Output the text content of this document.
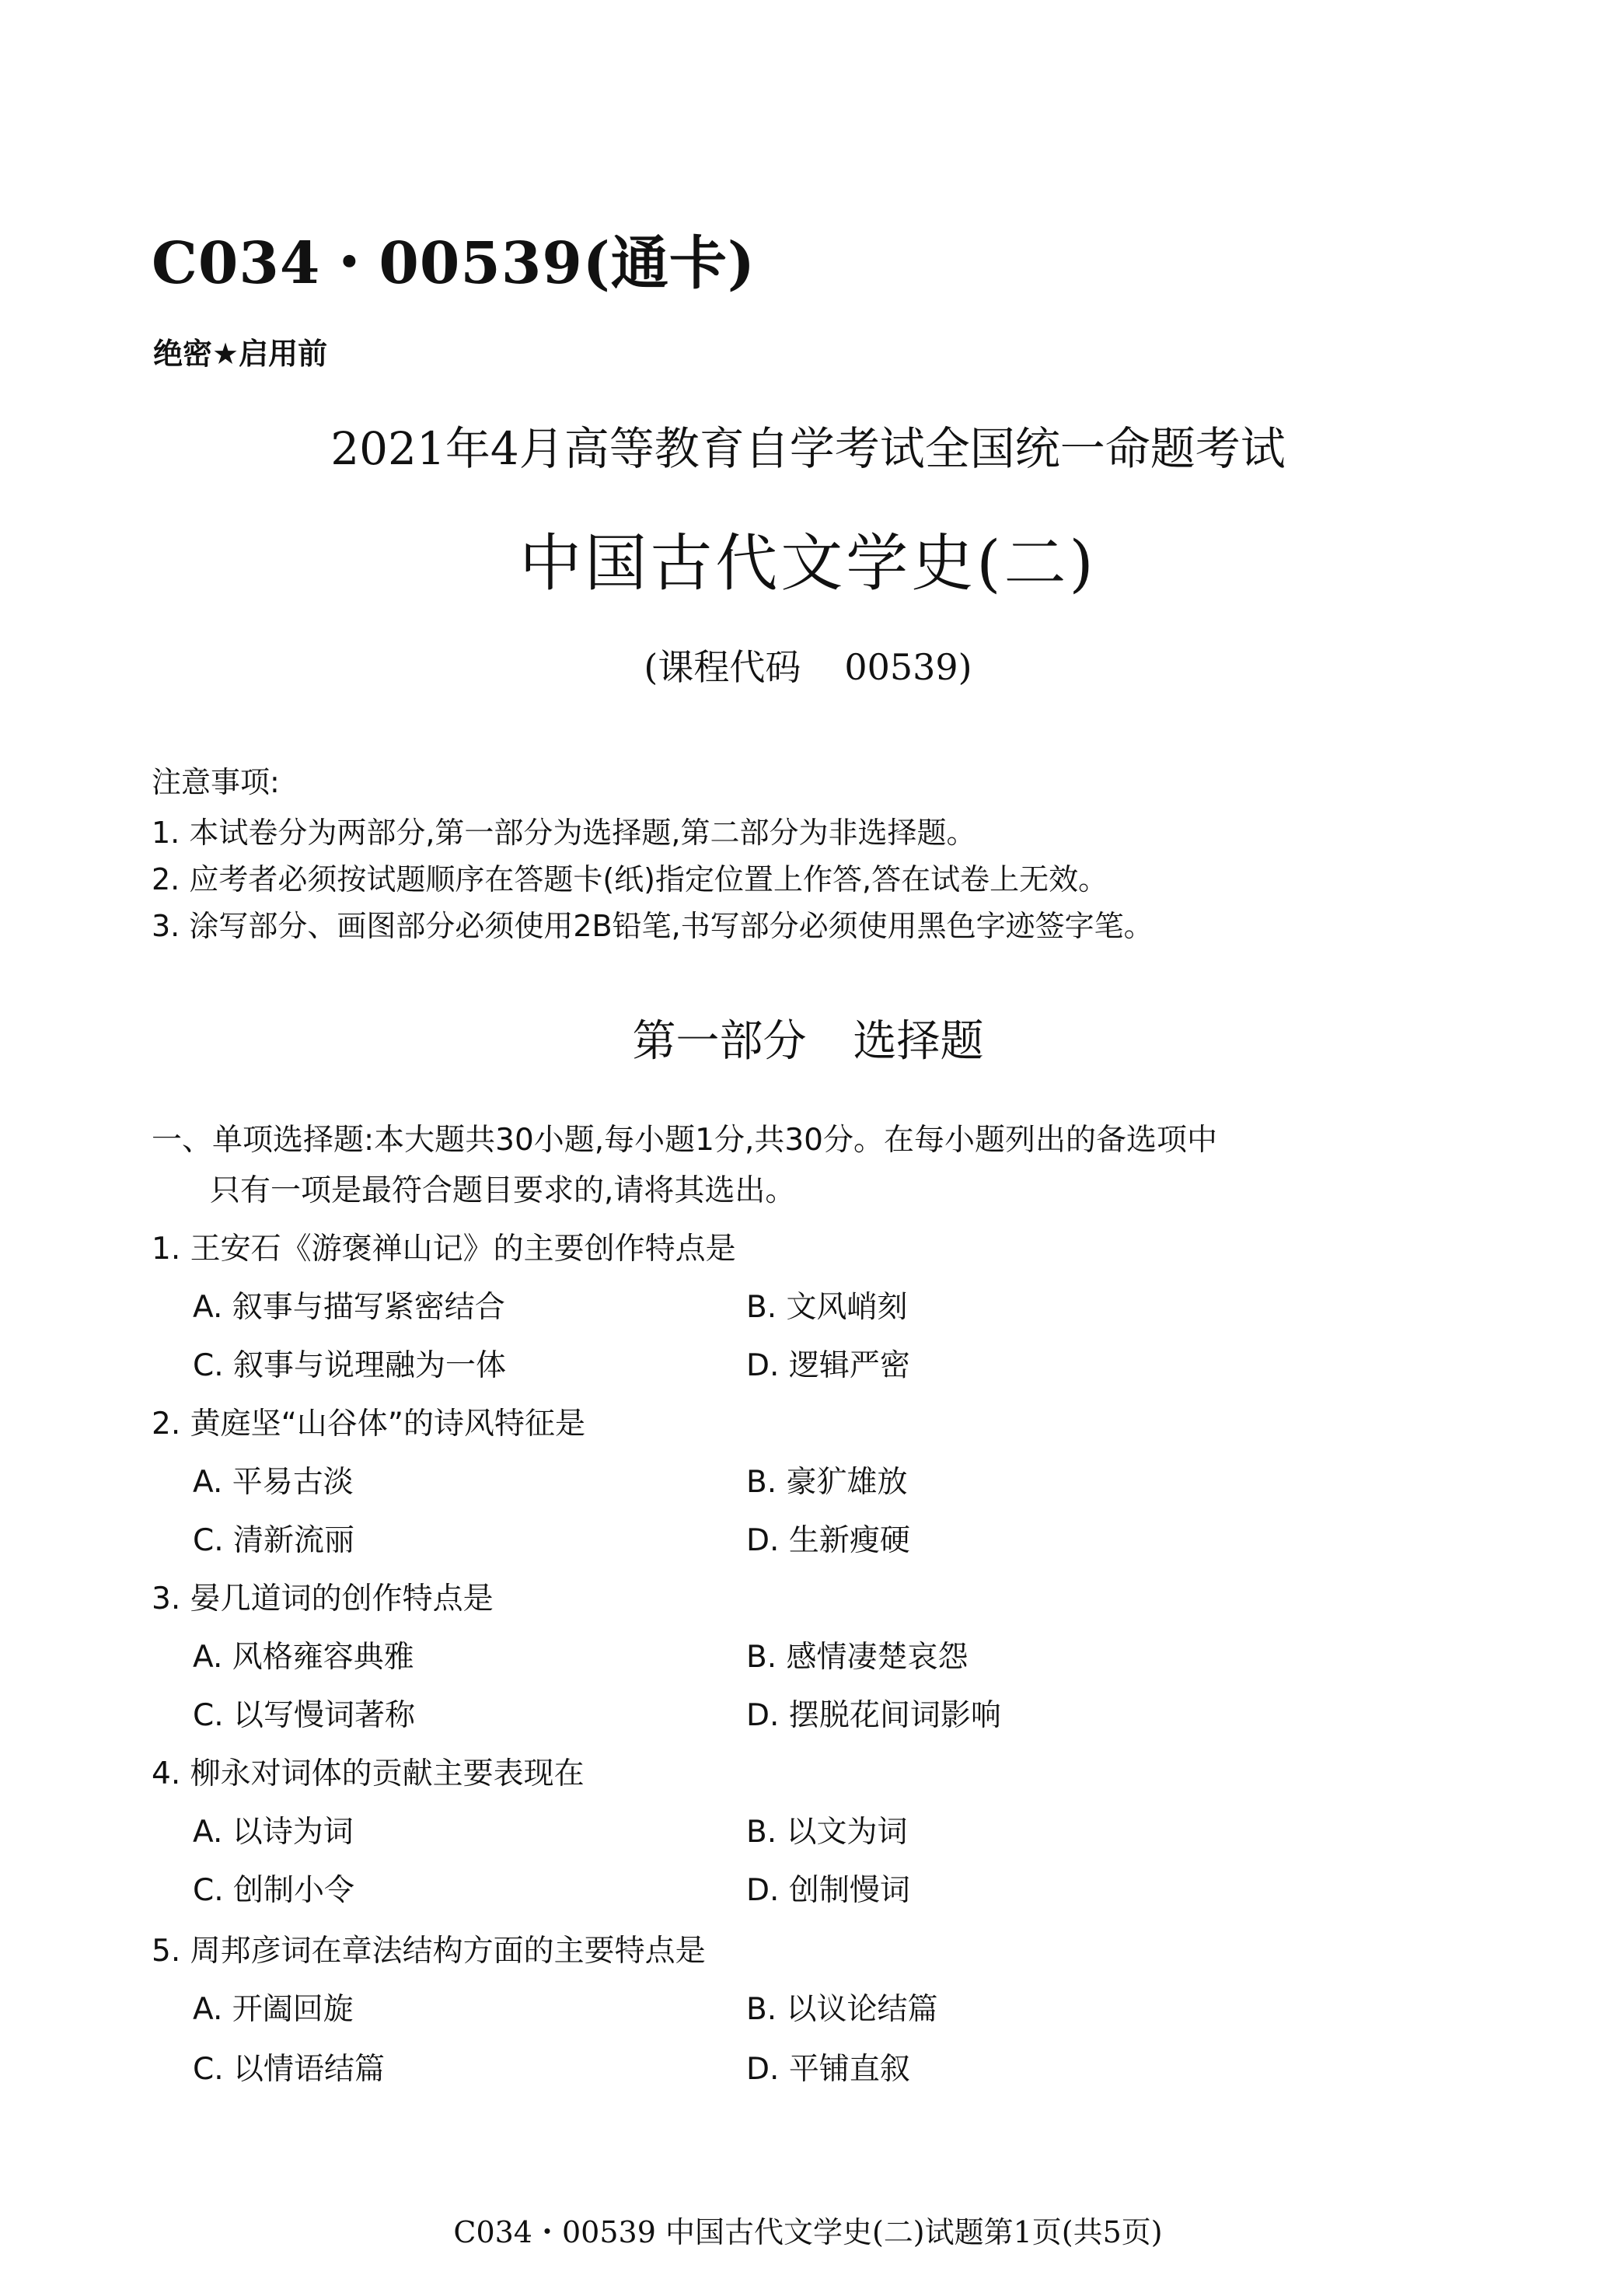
C034・00539(通卡)
绝密★启用前
2021年4月高等教育自学考试全国统一命题考试
中国古代文学史(二)
(课程代码 00539)
注意事项:
1. 本试卷分为两部分,第一部分为选择题,第二部分为非选择题。
2. 应考者必须按试题顺序在答题卡(纸)指定位置上作答,答在试卷上无效。
3. 涂写部分、画图部分必须使用2B铅笔,书写部分必须使用黑色字迹签字笔。
第一部分 选择题
一、单项选择题:本大题共30小题,每小题1分,共30分。在每小题列出的备选项中
只有一项是最符合题目要求的,请将其选出。
1. 王安石《游褒禅山记》的主要创作特点是
A. 叙事与描写紧密结合	B. 文风峭刻
C. 叙事与说理融为一体	D. 逻辑严密
2. 黄庭坚“山谷体”的诗风特征是
A. 平易古淡	B. 豪犷雄放
C. 清新流丽	D. 生新瘦硬
3. 晏几道词的创作特点是
A. 风格雍容典雅	B. 感情凄楚哀怨
C. 以写慢词著称	D. 摆脱花间词影响
4. 柳永对词体的贡献主要表现在
A. 以诗为词	B. 以文为词
C. 创制小令	D. 创制慢词
5. 周邦彦词在章法结构方面的主要特点是
A. 开阖回旋	B. 以议论结篇
C. 以情语结篇	D. 平铺直叙
C034・00539 中国古代文学史(二)试题第1页(共5页)
